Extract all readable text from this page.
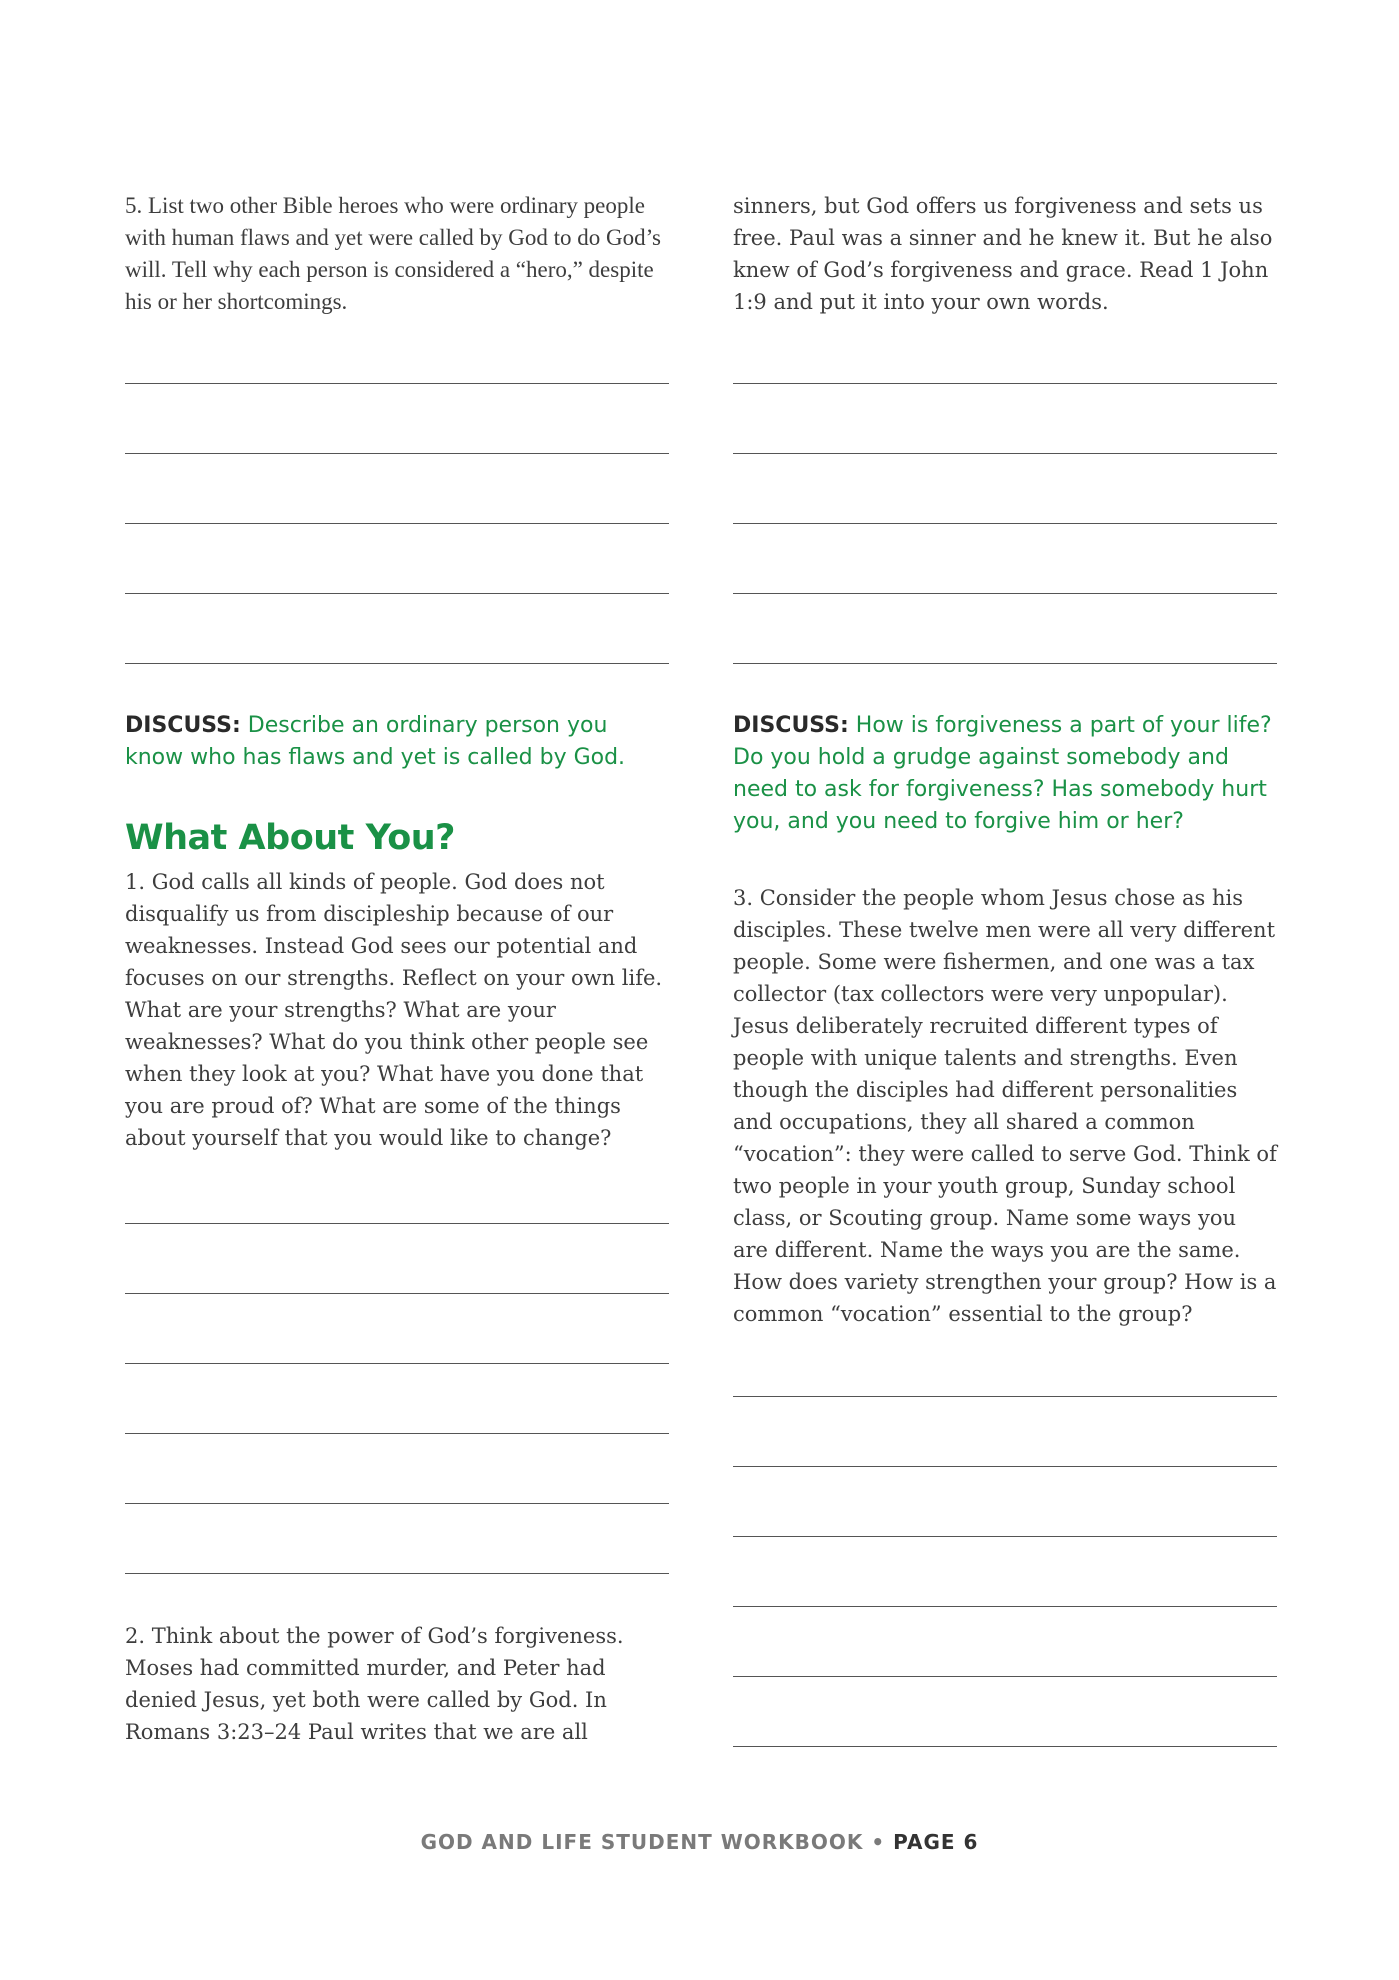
5. List two other Bible heroes who were ordinary people with human flaws and yet were called by God to do God’s will. Tell why each person is considered a “hero,” despite his or her shortcomings.

DISCUSS: Describe an ordinary person you know who has flaws and yet is called by God.

What About You?

1. God calls all kinds of people. God does not disqualify us from discipleship because of our weaknesses. Instead God sees our potential and focuses on our strengths. Reflect on your own life. What are your strengths? What are your weaknesses? What do you think other people see when they look at you? What have you done that you are proud of? What are some of the things about yourself that you would like to change?

2. Think about the power of God’s forgiveness. Moses had committed murder, and Peter had denied Jesus, yet both were called by God. In Romans 3:23–24 Paul writes that we are all

sinners, but God offers us forgiveness and sets us free. Paul was a sinner and he knew it. But he also knew of God’s forgiveness and grace. Read 1 John 1:9 and put it into your own words.

DISCUSS: How is forgiveness a part of your life? Do you hold a grudge against somebody and need to ask for forgiveness? Has somebody hurt you, and you need to forgive him or her?

3. Consider the people whom Jesus chose as his disciples. These twelve men were all very different people. Some were fishermen, and one was a tax collector (tax collectors were very unpopular). Jesus deliberately recruited different types of people with unique talents and strengths. Even though the disciples had different personalities and occupations, they all shared a common “vocation”: they were called to serve God. Think of two people in your youth group, Sunday school class, or Scouting group. Name some ways you are different. Name the ways you are the same. How does variety strengthen your group? How is a common “vocation” essential to the group?

GOD AND LIFE STUDENT WORKBOOK • PAGE 6
